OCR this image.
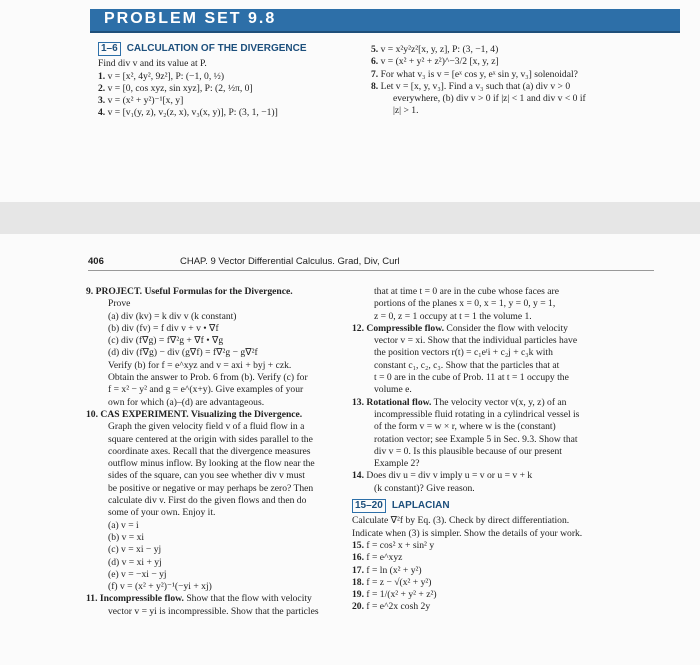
PROBLEM SET 9.8
1–6 CALCULATION OF THE DIVERGENCE
Find div v and its value at P.
1. v = [x², 4y², 9z²], P: (−1, 0, ½)
2. v = [0, cos xyz, sin xyz], P: (2, ½π, 0]
3. v = (x² + y²)⁻¹[x, y]
4. v = [v₁(y, z), v₂(z, x), v₃(x, y)], P: (3, 1, −1)]
5. v = x²y²z²[x, y, z], P: (3, −1, 4)
6. v = (x² + y² + z²)^−3/2 [x, y, z]
7. For what v₃ is v = [eˣ cos y, eˣ sin y, v₃] solenoidal?
8. Let v = [x, y, v₃]. Find a v₃ such that (a) div v > 0
everywhere, (b) div v > 0 if |z| < 1 and div v < 0 if
|z| > 1.
406	CHAP. 9 Vector Differential Calculus. Grad, Div, Curl
9. PROJECT. Useful Formulas for the Divergence.
Prove
(a) div (kv) = k div v (k constant)
(b) div (fv) = f div v + v • ∇f
(c) div (f∇g) = f∇²g + ∇f • ∇g
(d) div (f∇g) − div (g∇f) = f∇²g − g∇²f
Verify (b) for f = e^xyz and v = axi + byj + czk.
Obtain the answer to Prob. 6 from (b). Verify (c) for
f = x² − y² and g = e^(x+y). Give examples of your
own for which (a)–(d) are advantageous.
10. CAS EXPERIMENT. Visualizing the Divergence.
Graph the given velocity field v of a fluid flow in a
square centered at the origin with sides parallel to the
coordinate axes. Recall that the divergence measures
outflow minus inflow. By looking at the flow near the
sides of the square, can you see whether div v must
be positive or negative or may perhaps be zero? Then
calculate div v. First do the given flows and then do
some of your own. Enjoy it.
(a) v = i
(b) v = xi
(c) v = xi − yj
(d) v = xi + yj
(e) v = −xi − yj
(f) v = (x² + y²)⁻¹(−yi + xj)
11. Incompressible flow. Show that the flow with velocity
vector v = yi is incompressible. Show that the particles
that at time t = 0 are in the cube whose faces are
portions of the planes x = 0, x = 1, y = 0, y = 1,
z = 0, z = 1 occupy at t = 1 the volume 1.
12. Compressible flow. Consider the flow with velocity
vector v = xi. Show that the individual particles have
the position vectors r(t) = c₁eᵗi + c₂j + c₃k with
constant c₁, c₂, c₃. Show that the particles that at
t = 0 are in the cube of Prob. 11 at t = 1 occupy the
volume e.
13. Rotational flow. The velocity vector v(x, y, z) of an
incompressible fluid rotating in a cylindrical vessel is
of the form v = w × r, where w is the (constant)
rotation vector; see Example 5 in Sec. 9.3. Show that
div v = 0. Is this plausible because of our present
Example 2?
14. Does div u = div v imply u = v or u = v + k
(k constant)? Give reason.
15–20 LAPLACIAN
Calculate ∇²f by Eq. (3). Check by direct differentiation.
Indicate when (3) is simpler. Show the details of your work.
15. f = cos² x + sin² y
16. f = e^xyz
17. f = ln (x² + y²)
18. f = z − √(x² + y²)
19. f = 1/(x² + y² + z²)
20. f = e^2x cosh 2y
